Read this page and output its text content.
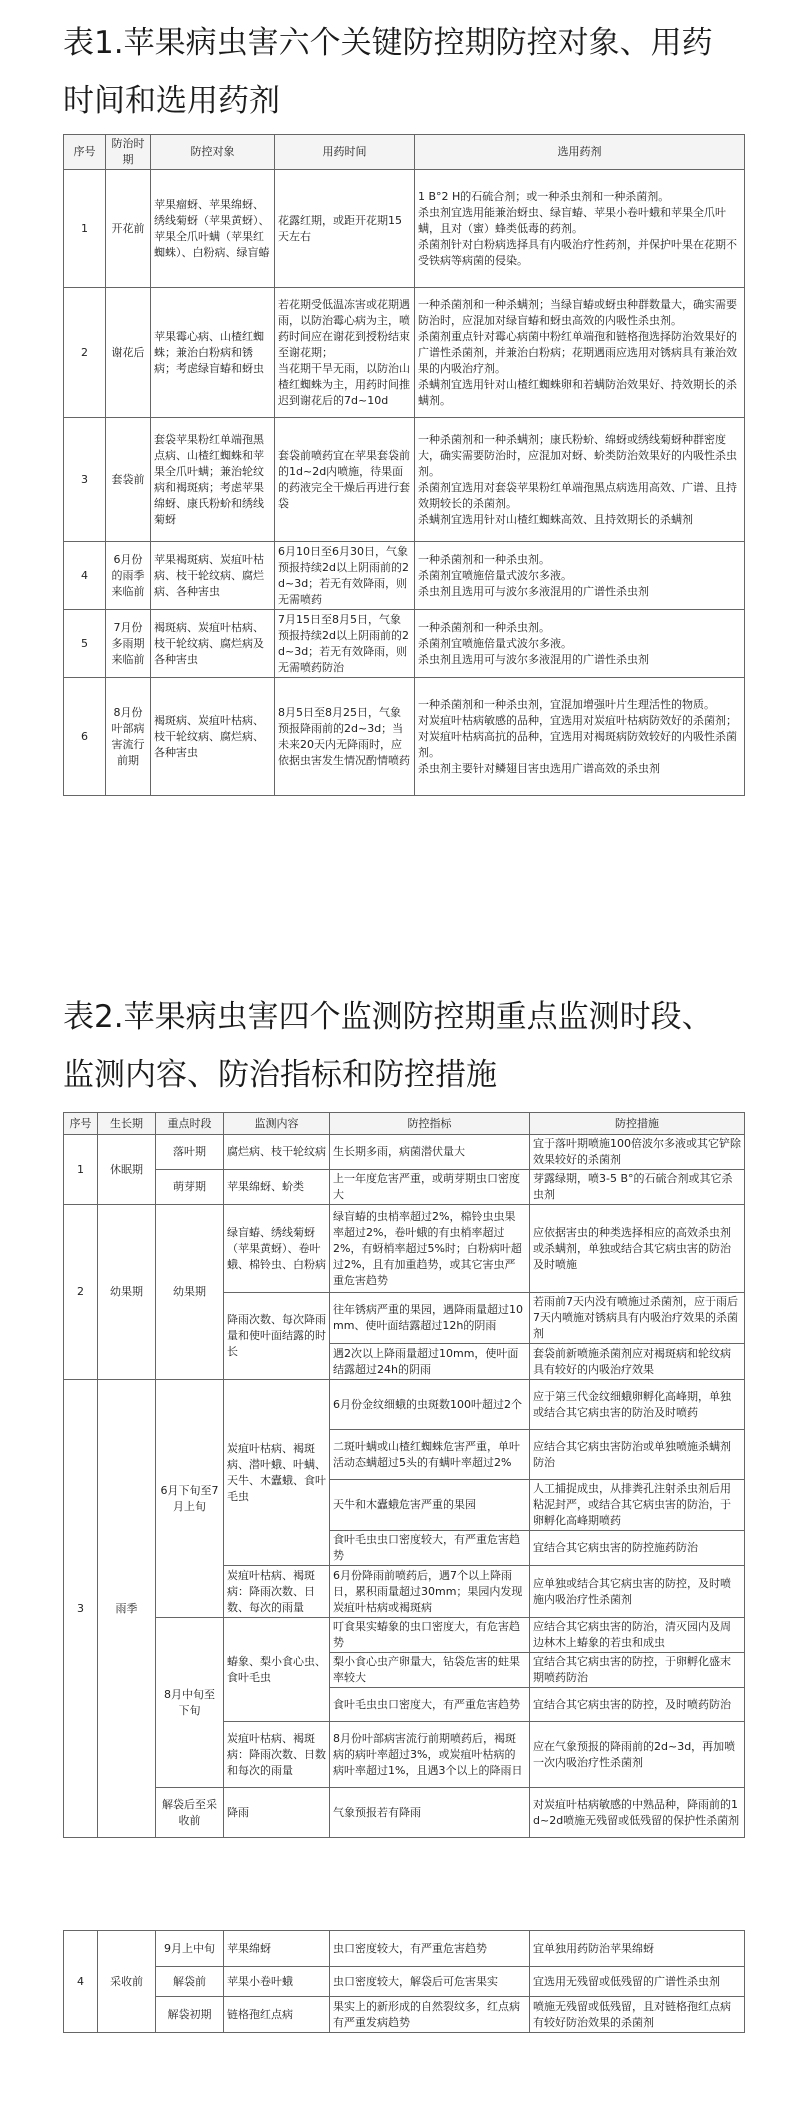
表1.苹果病虫害六个关键防控期防控对象、用药
时间和选用药剂
序号	防治时期	防控对象	用药时间	选用药剂
1	开花前	苹果瘤蚜、苹果绵蚜、绣线菊蚜（苹果黄蚜）、苹果全爪叶螨（苹果红蜘蛛）、白粉病、绿盲蝽	花露红期，或距开花期15天左右	1 B°2 H的石硫合剂；或一种杀虫剂和一种杀菌剂。
杀虫剂宜选用能兼治蚜虫、绿盲蝽、苹果小卷叶蛾和苹果全爪叶螨，且对（蜜）蜂类低毒的药剂。
杀菌剂针对白粉病选择具有内吸治疗性药剂，并保护叶果在花期不受铁病等病菌的侵染。
2	谢花后	苹果霉心病、山楂红蜘蛛；兼治白粉病和锈病；考虑绿盲蝽和蚜虫	若花期受低温冻害或花期遇雨，以防治霉心病为主，喷药时间应在谢花到授粉结束至谢花期；
当花期干旱无雨，以防治山楂红蜘蛛为主，用药时间推迟到谢花后的7d~10d	一种杀菌剂和一种杀螨剂；当绿盲蝽或蚜虫种群数量大，确实需要防治时，应混加对绿盲蝽和蚜虫高效的内吸性杀虫剂。
杀菌剂重点针对霉心病菌中粉红单端孢和链格孢选择防治效果好的广谱性杀菌剂，并兼治白粉病；花期遇雨应选用对锈病具有兼治效果的内吸治疗剂。
杀螨剂宜选用针对山楂红蜘蛛卵和若螨防治效果好、持效期长的杀螨剂。
3	套袋前	套袋苹果粉红单端孢黑点病、山楂红蜘蛛和苹果全爪叶螨；兼治轮纹病和褐斑病；考虑苹果绵蚜、康氏粉蚧和绣线菊蚜	套袋前喷药宜在苹果套袋前的1d~2d内喷施，待果面的药液完全干燥后再进行套袋	一种杀菌剂和一种杀螨剂；康氏粉蚧、绵蚜或绣线菊蚜种群密度大，确实需要防治时，应混加对蚜、蚧类防治效果好的内吸性杀虫剂。
杀菌剂宜选用对套袋苹果粉红单端孢黑点病选用高效、广谱、且持效期较长的杀菌剂。
杀螨剂宜选用针对山楂红蜘蛛高效、且持效期长的杀螨剂
4	6月份的雨季来临前	苹果褐斑病、炭疽叶枯病、枝干轮纹病、腐烂病、各种害虫	6月10日至6月30日，气象预报持续2d以上阴雨前的2d~3d；若无有效降雨，则无需喷药	一种杀菌剂和一种杀虫剂。
杀菌剂宜喷施倍量式波尔多液。
杀虫剂且选用可与波尔多液混用的广谱性杀虫剂
5	7月份多雨期来临前	褐斑病、炭疽叶枯病、枝干轮纹病、腐烂病及各种害虫	7月15日至8月5日，气象预报持续2d以上阴雨前的2d~3d；若无有效降雨，则无需喷药防治	一种杀菌剂和一种杀虫剂。
杀菌剂宜喷施倍量式波尔多液。
杀虫剂且选用可与波尔多液混用的广谱性杀虫剂
6	8月份叶部病害流行前期	褐斑病、炭疽叶枯病、枝干轮纹病、腐烂病、各种害虫	8月5日至8月25日，气象预报降雨前的2d~3d；当未来20天内无降雨时，应依据虫害发生情况酌情喷药	一种杀菌剂和一种杀虫剂，宜混加增强叶片生理活性的物质。
对炭疽叶枯病敏感的品种，宜选用对炭疽叶枯病防效好的杀菌剂；对炭疽叶枯病高抗的品种，宜选用对褐斑病防效较好的内吸性杀菌剂。
杀虫剂主要针对鳞翅目害虫选用广谱高效的杀虫剂
表2.苹果病虫害四个监测防控期重点监测时段、
监测内容、防治指标和防控措施
序号	生长期	重点时段	监测内容	防控指标	防控措施
1	休眠期	落叶期	腐烂病、枝干轮纹病	生长期多雨，病菌潜伏量大	宜于落叶期喷施100倍波尔多液或其它铲除效果较好的杀菌剂
		萌芽期	苹果绵蚜、蚧类	上一年度危害严重，或萌芽期虫口密度大	芽露绿期，喷3-5 B°的石硫合剂或其它杀虫剂
2	幼果期	幼果期	绿盲蝽、绣线菊蚜（苹果黄蚜）、卷叶蛾、棉铃虫、白粉病	绿盲蝽的虫梢率超过2%，棉铃虫虫果率超过2%，卷叶蛾的有虫梢率超过2%，有蚜梢率超过5%时；白粉病叶超过2%，且有加重趋势，或其它害虫严重危害趋势	应依据害虫的种类选择相应的高效杀虫剂或杀螨剂，单独或结合其它病虫害的防治及时喷施
			降雨次数、每次降雨量和使叶面结露的时长	往年锈病严重的果园，遇降雨量超过10mm、使叶面结露超过12h的阴雨	若雨前7天内没有喷施过杀菌剂，应于雨后7天内喷施对锈病具有内吸治疗效果的杀菌剂
				遇2次以上降雨量超过10mm，使叶面结露超过24h的阴雨	套袋前新喷施杀菌剂应对褐斑病和轮纹病具有较好的内吸治疗效果
3	雨季	6月下旬至7月上旬	炭疽叶枯病、褐斑病、潜叶蛾、叶螨、天牛、木蠹蛾、食叶毛虫	6月份金纹细蛾的虫斑数100叶超过2个	应于第三代金纹细蛾卵孵化高峰期，单独或结合其它病虫害的防治及时喷药
				二斑叶螨或山楂红蜘蛛危害严重，单叶活动态螨超过5头的有螨叶率超过2%	应结合其它病虫害防治或单独喷施杀螨剂防治
				天牛和木蠹蛾危害严重的果园	人工捕捉成虫，从排粪孔注射杀虫剂后用粘泥封严，或结合其它病虫害的防治，于卵孵化高峰期喷药
				食叶毛虫虫口密度较大，有严重危害趋势	宜结合其它病虫害的防控施药防治
			炭疽叶枯病、褐斑病：降雨次数、日数、每次的雨量	6月份降雨前喷药后，遇7个以上降雨日，累积雨量超过30mm；果园内发现炭疽叶枯病或褐斑病	应单独或结合其它病虫害的防控，及时喷施内吸治疗性杀菌剂
		8月中旬至下旬	蝽象、梨小食心虫、食叶毛虫	叮食果实蝽象的虫口密度大，有危害趋势	应结合其它病虫害的防治，清灭园内及周边林木上蝽象的若虫和成虫
				梨小食心虫产卵量大，钻袋危害的蛀果率较大	宜结合其它病虫害的防控，于卵孵化盛末期喷药防治
				食叶毛虫虫口密度大，有严重危害趋势	宜结合其它病虫害的防控，及时喷药防治
			炭疽叶枯病、褐斑病：降雨次数、日数和每次的雨量	8月份叶部病害流行前期喷药后，褐斑病的病叶率超过3%，或炭疽叶枯病的病叶率超过1%，且遇3个以上的降雨日	应在气象预报的降雨前的2d~3d，再加喷一次内吸治疗性杀菌剂
		解袋后至采收前	降雨	气象预报若有降雨	对炭疽叶枯病敏感的中熟品种，降雨前的1d~2d喷施无残留或低残留的保护性杀菌剂
4	采收前	9月上中旬	苹果绵蚜	虫口密度较大，有严重危害趋势	宜单独用药防治苹果绵蚜
		解袋前	苹果小卷叶蛾	虫口密度较大，解袋后可危害果实	宜选用无残留或低残留的广谱性杀虫剂
		解袋初期	链格孢红点病	果实上的新形成的自然裂纹多，红点病有严重发病趋势	喷施无残留或低残留，且对链格孢红点病有较好防治效果的杀菌剂
